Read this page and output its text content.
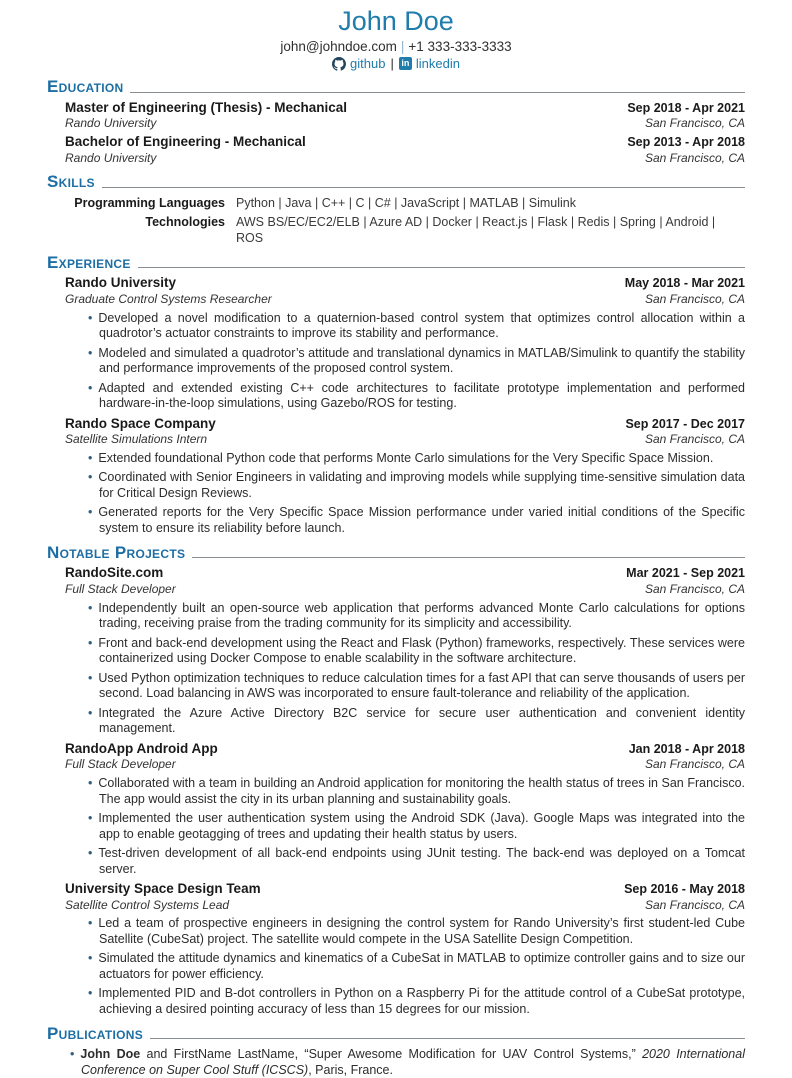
John Doe
john@johndoe.com | +1 333-333-3333
github | in linkedin
Education
Master of Engineering (Thesis) - Mechanical	Sep 2018 - Apr 2021
Rando University	San Francisco, CA
Bachelor of Engineering - Mechanical	Sep 2013 - Apr 2018
Rando University	San Francisco, CA
Skills
Programming Languages Python | Java | C++ | C | C# | JavaScript | MATLAB | Simulink
Technologies AWS BS/EC/EC2/ELB | Azure AD | Docker | React.js | Flask | Redis | Spring | Android | ROS
Experience
Rando University	May 2018 - Mar 2021
Graduate Control Systems Researcher	San Francisco, CA

• Developed a novel modification to a quaternion-based control system that optimizes control allocation within a quadrotor’s actuator constraints to improve its stability and performance.

• Modeled and simulated a quadrotor’s attitude and translational dynamics in MATLAB/Simulink to quantify the stability and performance improvements of the proposed control system.

• Adapted and extended existing C++ code architectures to facilitate prototype implementation and performed hardware-in-the-loop simulations, using Gazebo/ROS for testing.

Rando Space Company	Sep 2017 - Dec 2017
Satellite Simulations Intern	San Francisco, CA

• Extended foundational Python code that performs Monte Carlo simulations for the Very Specific Space Mission.

• Coordinated with Senior Engineers in validating and improving models while supplying time-sensitive simulation data for Critical Design Reviews.

• Generated reports for the Very Specific Space Mission performance under varied initial conditions of the Specific system to ensure its reliability before launch.

Notable Projects
RandoSite.com	Mar 2021 - Sep 2021
Full Stack Developer	San Francisco, CA

• Independently built an open-source web application that performs advanced Monte Carlo calculations for options trading, receiving praise from the trading community for its simplicity and accessibility.

• Front and back-end development using the React and Flask (Python) frameworks, respectively. These services were containerized using Docker Compose to enable scalability in the software architecture.

• Used Python optimization techniques to reduce calculation times for a fast API that can serve thousands of users per second. Load balancing in AWS was incorporated to ensure fault-tolerance and reliability of the application.

• Integrated the Azure Active Directory B2C service for secure user authentication and convenient identity management.

RandoApp Android App	Jan 2018 - Apr 2018
Full Stack Developer	San Francisco, CA

• Collaborated with a team in building an Android application for monitoring the health status of trees in San Francisco. The app would assist the city in its urban planning and sustainability goals.

• Implemented the user authentication system using the Android SDK (Java). Google Maps was integrated into the app to enable geotagging of trees and updating their health status by users.

• Test-driven development of all back-end endpoints using JUnit testing. The back-end was deployed on a Tomcat server.

University Space Design Team	Sep 2016 - May 2018
Satellite Control Systems Lead	San Francisco, CA

• Led a team of prospective engineers in designing the control system for Rando University’s first student-led Cube Satellite (CubeSat) project. The satellite would compete in the USA Satellite Design Competition.

• Simulated the attitude dynamics and kinematics of a CubeSat in MATLAB to optimize controller gains and to size our actuators for power efficiency.

• Implemented PID and B-dot controllers in Python on a Raspberry Pi for the attitude control of a CubeSat prototype, achieving a desired pointing accuracy of less than 15 degrees for our mission.

Publications

• John Doe and FirstName LastName, “Super Awesome Modification for UAV Control Systems,” 2020 International Conference on Super Cool Stuff (ICSCS), Paris, France.
